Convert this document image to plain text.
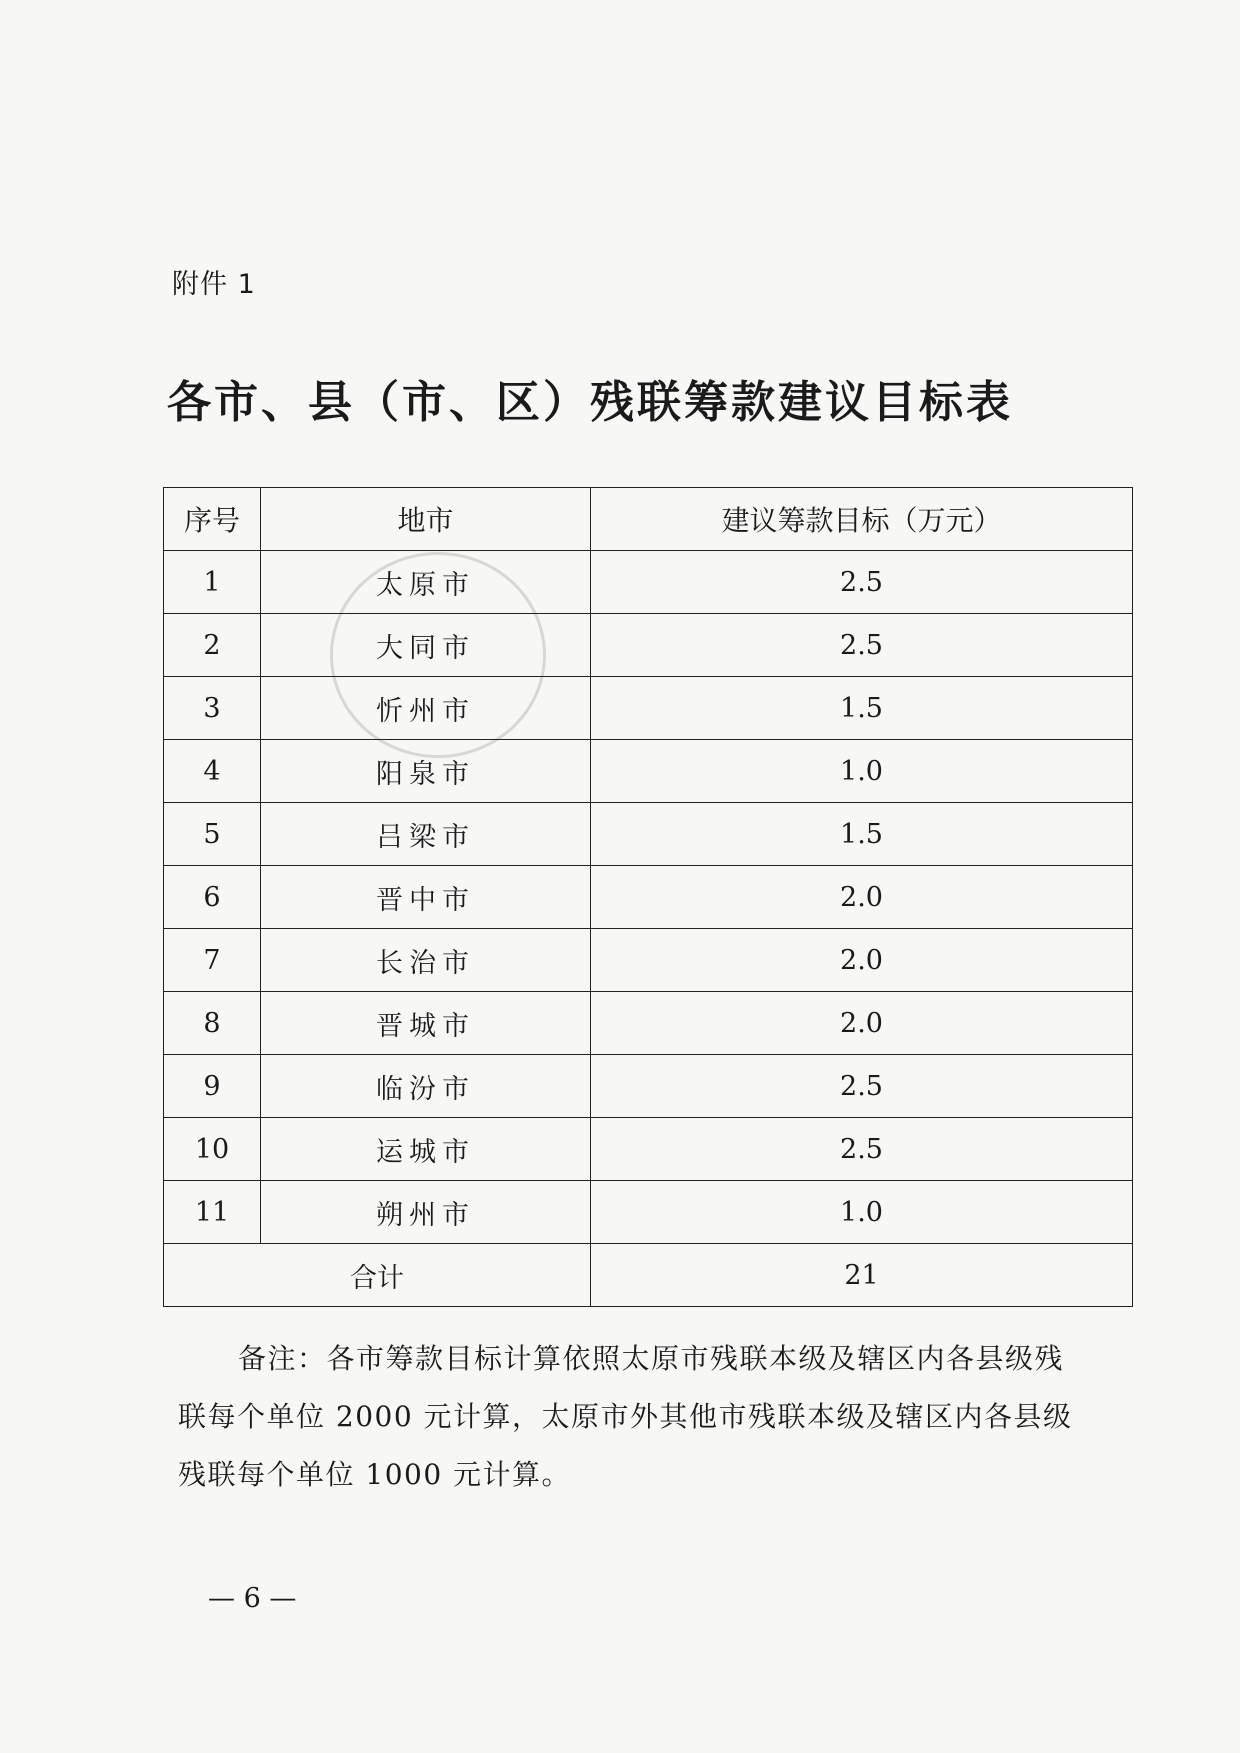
附件 1
各市、县（市、区）残联筹款建议目标表
序号	地市	建议筹款目标（万元）
1	太原市	2.5
2	大同市	2.5
3	忻州市	1.5
4	阳泉市	1.0
5	吕梁市	1.5
6	晋中市	2.0
7	长治市	2.0
8	晋城市	2.0
9	临汾市	2.5
10	运城市	2.5
11	朔州市	1.0
合计		21
备注：各市筹款目标计算依照太原市残联本级及辖区内各县级残联每个单位 2000 元计算，太原市外其他市残联本级及辖区内各县级残联每个单位 1000 元计算。
— 6 —
